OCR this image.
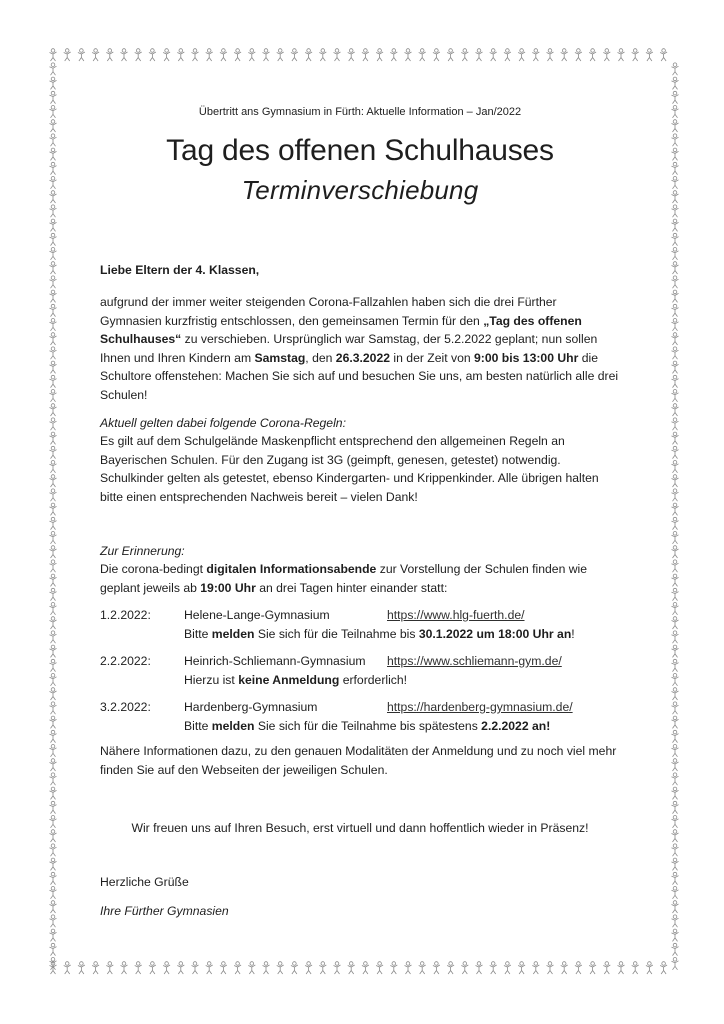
Übertritt ans Gymnasium in Fürth: Aktuelle Information – Jan/2022
Tag des offenen Schulhauses
Terminverschiebung
Liebe Eltern der 4. Klassen,

aufgrund der immer weiter steigenden Corona-Fallzahlen haben sich die drei Fürther Gymnasien kurzfristig entschlossen, den gemeinsamen Termin für den „Tag des offenen Schulhauses“ zu verschieben. Ursprünglich war Samstag, der 5.2.2022 geplant; nun sollen Ihnen und Ihren Kindern am Samstag, den 26.3.2022 in der Zeit von 9:00 bis 13:00 Uhr die Schultore offenstehen: Machen Sie sich auf und besuchen Sie uns, am besten natürlich alle drei Schulen!

Aktuell gelten dabei folgende Corona-Regeln:

Es gilt auf dem Schulgelände Maskenpflicht entsprechend den allgemeinen Regeln an Bayerischen Schulen. Für den Zugang ist 3G (geimpft, genesen, getestet) notwendig. Schulkinder gelten als getestet, ebenso Kindergarten- und Krippenkinder. Alle übrigen halten bitte einen entsprechenden Nachweis bereit – vielen Dank!

Zur Erinnerung:

Die corona-bedingt digitalen Informationsabende zur Vorstellung der Schulen finden wie geplant jeweils ab 19:00 Uhr an drei Tagen hinter einander statt:

1.2.2022:	Helene-Lange-Gymnasium	https://www.hlg-fuerth.de/
Bitte melden Sie sich für die Teilnahme bis 30.1.2022 um 18:00 Uhr an!
2.2.2022:	Heinrich-Schliemann-Gymnasium https://www.schliemann-gym.de/
Hierzu ist keine Anmeldung erforderlich!
3.2.2022:	Hardenberg-Gymnasium	https://hardenberg-gymnasium.de/
Bitte melden Sie sich für die Teilnahme bis spätestens 2.2.2022 an!

Nähere Informationen dazu, zu den genauen Modalitäten der Anmeldung und zu noch viel mehr finden Sie auf den Webseiten der jeweiligen Schulen.

Wir freuen uns auf Ihren Besuch, erst virtuell und dann hoffentlich wieder in Präsenz!
Herzliche Grüße
Ihre Fürther Gymnasien
